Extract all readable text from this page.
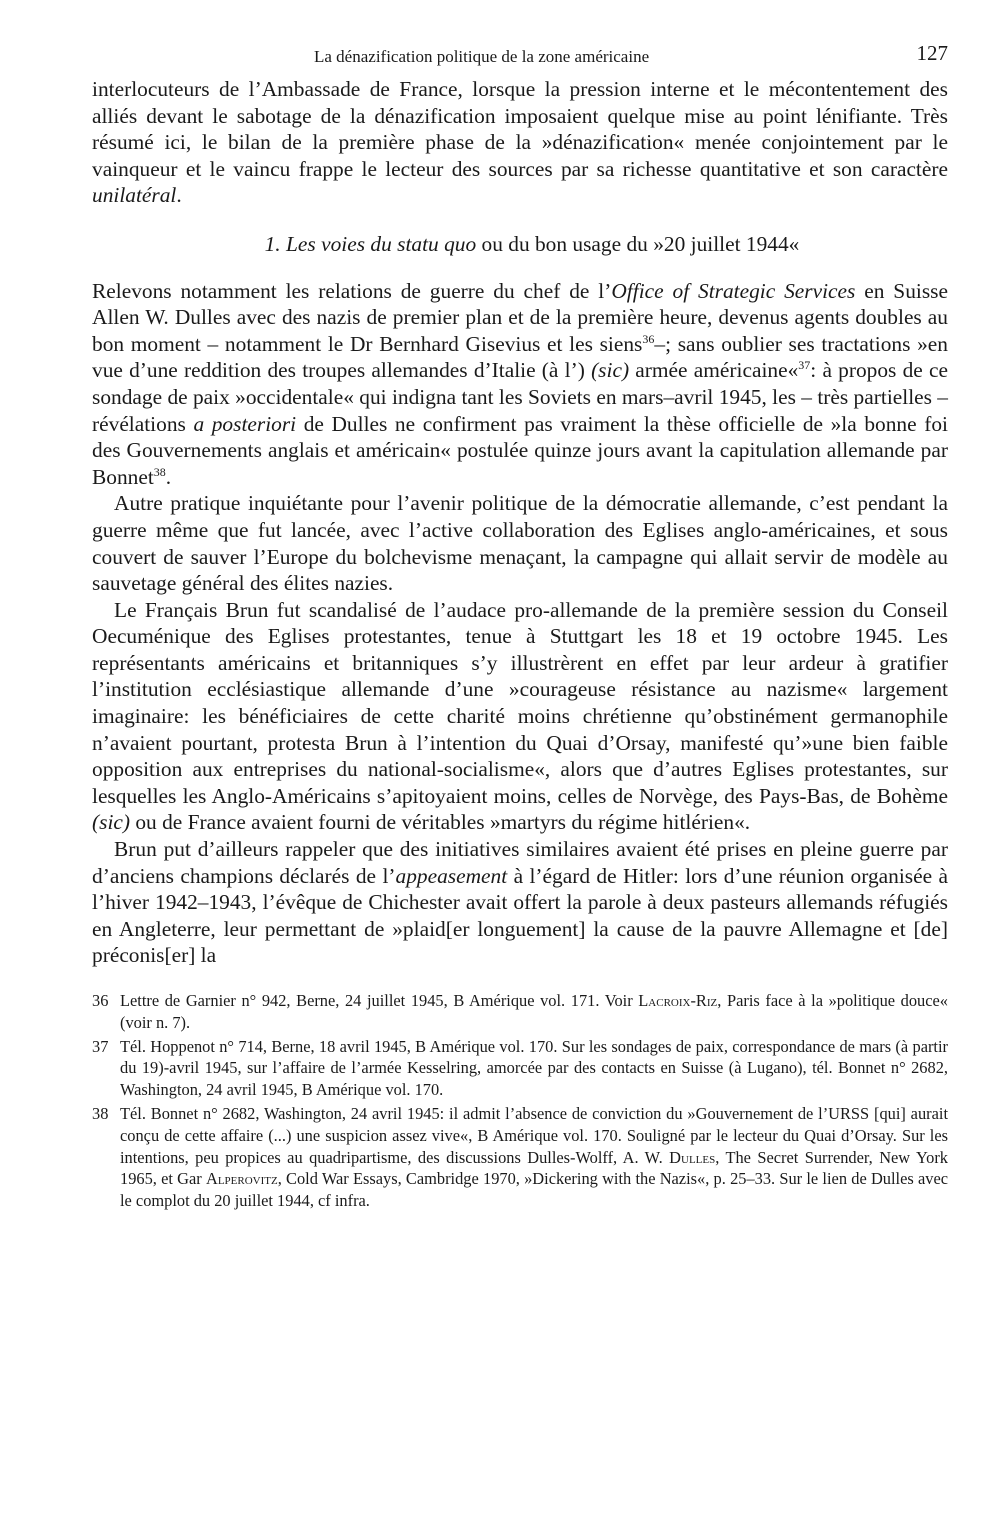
La dénazification politique de la zone américaine	127

interlocuteurs de l’Ambassade de France, lorsque la pression interne et le mécontentement des alliés devant le sabotage de la dénazification imposaient quelque mise au point lénifiante. Très résumé ici, le bilan de la première phase de la »dénazification« menée conjointement par le vainqueur et le vaincu frappe le lecteur des sources par sa richesse quantitative et son caractère unilatéral.

1. Les voies du statu quo ou du bon usage du »20 juillet 1944«

Relevons notamment les relations de guerre du chef de l’Office of Strategic Services en Suisse Allen W. Dulles avec des nazis de premier plan et de la première heure, devenus agents doubles au bon moment – notamment le Dr Bernhard Gisevius et les siens$^{36}$–; sans oublier ses tractations »en vue d’une reddition des troupes allemandes d’Italie (à l’) (sic) armée américaine«$^{37}$: à propos de ce sondage de paix »occidentale« qui indigna tant les Soviets en mars–avril 1945, les – très partielles – révélations a posteriori de Dulles ne confirment pas vraiment la thèse officielle de »la bonne foi des Gouvernements anglais et américain« postulée quinze jours avant la capitulation allemande par Bonnet$^{38}$.

Autre pratique inquiétante pour l’avenir politique de la démocratie allemande, c’est pendant la guerre même que fut lancée, avec l’active collaboration des Eglises anglo-américaines, et sous couvert de sauver l’Europe du bolchevisme menaçant, la campagne qui allait servir de modèle au sauvetage général des élites nazies.

Le Français Brun fut scandalisé de l’audace pro-allemande de la première session du Conseil Oecuménique des Eglises protestantes, tenue à Stuttgart les 18 et 19 octobre 1945. Les représentants américains et britanniques s’y illustrèrent en effet par leur ardeur à gratifier l’institution ecclésiastique allemande d’une »courageuse résistance au nazisme« largement imaginaire: les bénéficiaires de cette charité moins chrétienne qu’obstinément germanophile n’avaient pourtant, protesta Brun à l’intention du Quai d’Orsay, manifesté qu’»une bien faible opposition aux entreprises du national-socialisme«, alors que d’autres Eglises protestantes, sur lesquelles les Anglo-Américains s’apitoyaient moins, celles de Norvège, des Pays-Bas, de Bohème (sic) ou de France avaient fourni de véritables »martyrs du régime hitlérien«.

Brun put d’ailleurs rappeler que des initiatives similaires avaient été prises en pleine guerre par d’anciens champions déclarés de l’appeasement à l’égard de Hitler: lors d’une réunion organisée à l’hiver 1942–1943, l’évêque de Chichester avait offert la parole à deux pasteurs allemands réfugiés en Angleterre, leur permettant de »plaid[er longuement] la cause de la pauvre Allemagne et [de] préconis[er] la

36 Lettre de Garnier n° 942, Berne, 24 juillet 1945, B Amérique vol. 171. Voir Lacroix-Riz, Paris face à la »politique douce« (voir n. 7).
37 Tél. Hoppenot n° 714, Berne, 18 avril 1945, B Amérique vol. 170. Sur les sondages de paix, correspondance de mars (à partir du 19)-avril 1945, sur l’affaire de l’armée Kesselring, amorcée par des contacts en Suisse (à Lugano), tél. Bonnet n° 2682, Washington, 24 avril 1945, B Amérique vol. 170.
38 Tél. Bonnet n° 2682, Washington, 24 avril 1945: il admit l’absence de conviction du »Gouvernement de l’URSS [qui] aurait conçu de cette affaire (...) une suspicion assez vive«, B Amérique vol. 170. Souligné par le lecteur du Quai d’Orsay. Sur les intentions, peu propices au quadripartisme, des discussions Dulles-Wolff, A. W. Dulles, The Secret Surrender, New York 1965, et Gar Alperovitz, Cold War Essays, Cambridge 1970, »Dickering with the Nazis«, p. 25–33. Sur le lien de Dulles avec le complot du 20 juillet 1944, cf infra.
